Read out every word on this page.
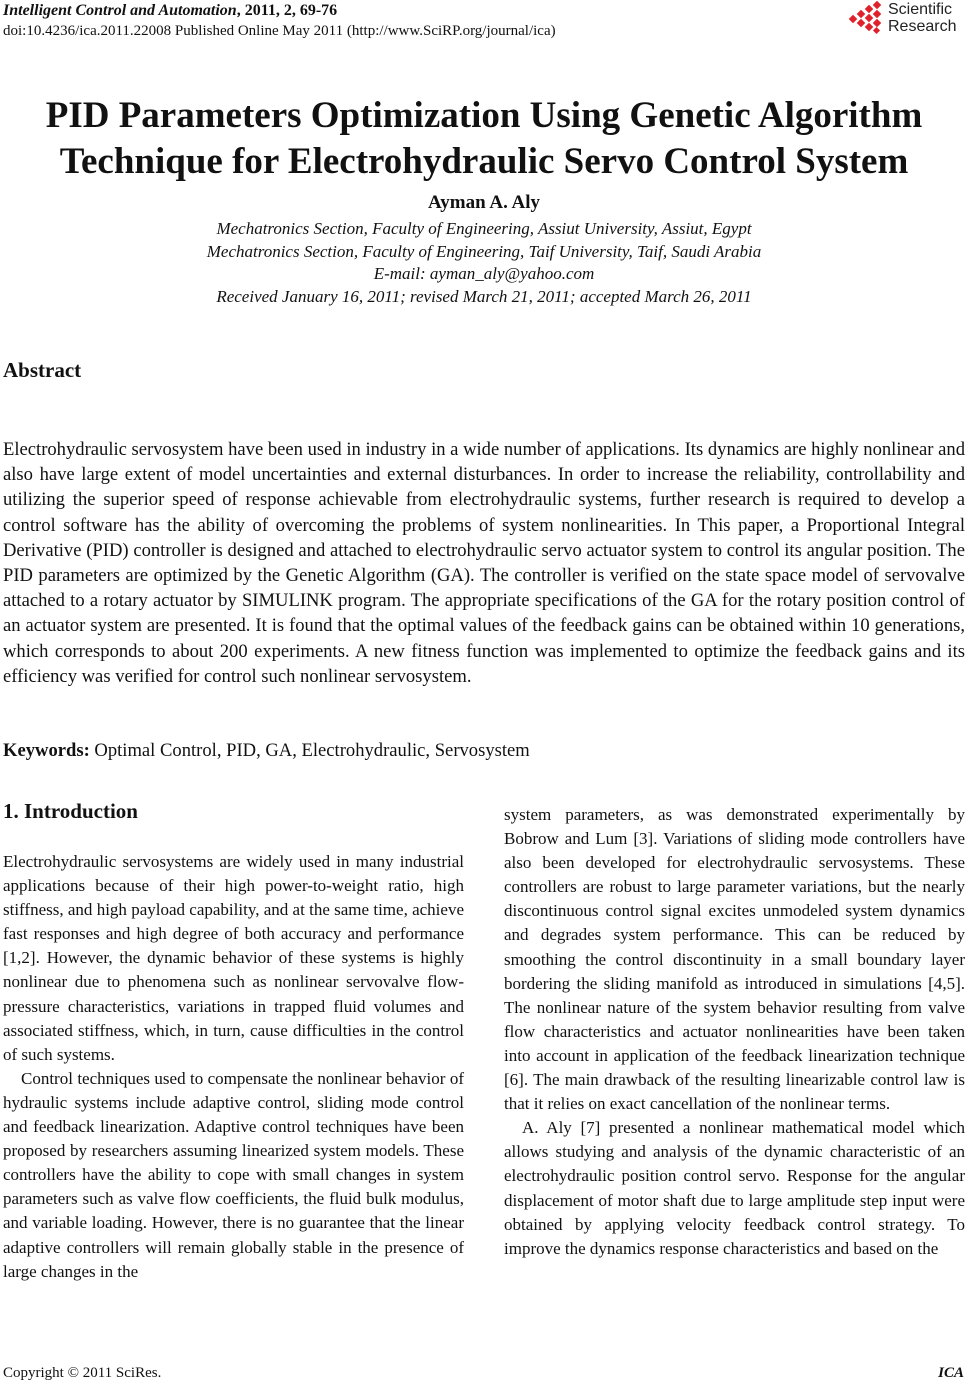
Intelligent Control and Automation, 2011, 2, 69-76
doi:10.4236/ica.2011.22008 Published Online May 2011 (http://www.SciRP.org/journal/ica)
Scientific
Research
PID Parameters Optimization Using Genetic Algorithm
Technique for Electrohydraulic Servo Control System
Ayman A. Aly
Mechatronics Section, Faculty of Engineering, Assiut University, Assiut, Egypt
Mechatronics Section, Faculty of Engineering, Taif University, Taif, Saudi Arabia
E-mail: ayman_aly@yahoo.com
Received January 16, 2011; revised March 21, 2011; accepted March 26, 2011
Abstract
Electrohydraulic servosystem have been used in industry in a wide number of applications. Its dynamics are highly nonlinear and also have large extent of model uncertainties and external disturbances. In order to increase the reliability, controllability and utilizing the superior speed of response achievable from electrohydraulic systems, further research is required to develop a control software has the ability of overcoming the problems of system nonlinearities. In This paper, a Proportional Integral Derivative (PID) controller is designed and attached to electrohydraulic servo actuator system to control its angular position. The PID parameters are optimized by the Genetic Algorithm (GA). The controller is verified on the state space model of servovalve attached to a rotary actuator by SIMULINK program. The appropriate specifications of the GA for the rotary position control of an actuator system are presented. It is found that the optimal values of the feedback gains can be obtained within 10 generations, which corresponds to about 200 experiments. A new fitness function was implemented to optimize the feedback gains and its efficiency was verified for control such nonlinear servosystem.
Keywords: Optimal Control, PID, GA, Electrohydraulic, Servosystem
1. Introduction

Electrohydraulic servosystems are widely used in many industrial applications because of their high power-to-weight ratio, high stiffness, and high payload capability, and at the same time, achieve fast responses and high degree of both accuracy and performance [1,2]. However, the dynamic behavior of these systems is highly nonlinear due to phenomena such as nonlinear servovalve flow-pressure characteristics, variations in trapped fluid volumes and associated stiffness, which, in turn, cause difficulties in the control of such systems.

Control techniques used to compensate the nonlinear behavior of hydraulic systems include adaptive control, sliding mode control and feedback linearization. Adaptive control techniques have been proposed by researchers assuming linearized system models. These controllers have the ability to cope with small changes in system parameters such as valve flow coefficients, the fluid bulk modulus, and variable loading. However, there is no guarantee that the linear adaptive controllers will remain globally stable in the presence of large changes in the

system parameters, as was demonstrated experimentally by Bobrow and Lum [3]. Variations of sliding mode controllers have also been developed for electrohydraulic servosystems. These controllers are robust to large parameter variations, but the nearly discontinuous control signal excites unmodeled system dynamics and degrades system performance. This can be reduced by smoothing the control discontinuity in a small boundary layer bordering the sliding manifold as introduced in simulations [4,5]. The nonlinear nature of the system behavior resulting from valve flow characteristics and actuator nonlinearities have been taken into account in application of the feedback linearization technique [6]. The main drawback of the resulting linearizable control law is that it relies on exact cancellation of the nonlinear terms.

A. Aly [7] presented a nonlinear mathematical model which allows studying and analysis of the dynamic characteristic of an electrohydraulic position control servo. Response for the angular displacement of motor shaft due to large amplitude step input were obtained by applying velocity feedback control strategy. To improve the dynamics response characteristics and based on the

Copyright © 2011 SciRes.	ICA
